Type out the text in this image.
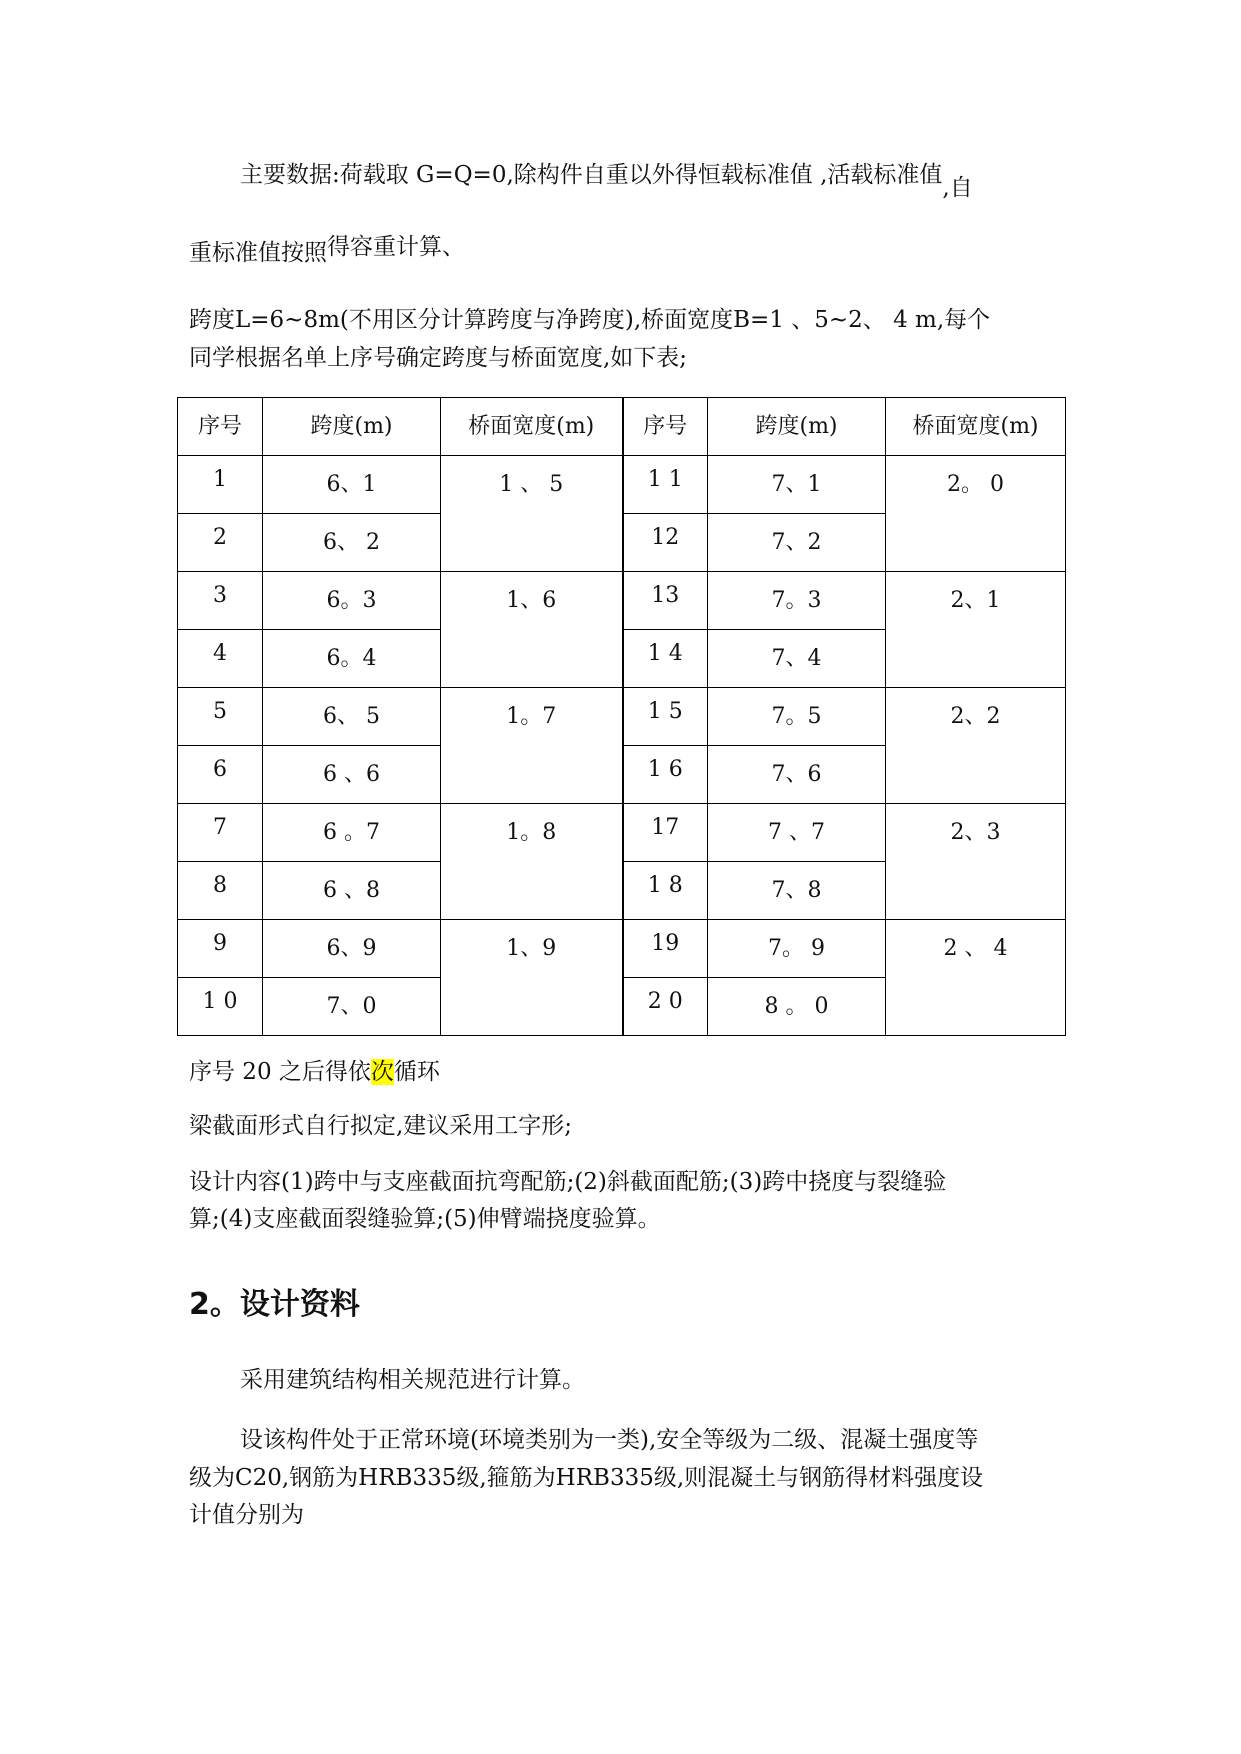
主要数据:荷载取 G=Q=0,除构件自重以外得恒载标准值 ,活载标准值,自
重标准值按照得容重计算、
跨度L=6~8m(不用区分计算跨度与净跨度),桥面宽度B=1 、5~2、 4 m,每个
同学根据名单上序号确定跨度与桥面宽度,如下表;
序号	跨度(m)	桥面宽度(m)	序号	跨度(m)	桥面宽度(m)
1	6、1	1 、 5	1 1	7、1	2。 0
2	6、 2		12	7、2	
3	6。3	1、6	13	7。3	2、1
4	6。4		1 4	7、4	
5	6、 5	1。7	1 5	7。5	2、2
6	6 、6		1 6	7、6	
7	6 。7	1。8	17	7 、7	2、3
8	6 、8		1 8	7、8	
9	6、9	1、9	19	7。 9	2 、 4
1 0	7、0		2 0	8 。 0	
序号 20 之后得依次循环
梁截面形式自行拟定,建议采用工字形;
设计内容(1)跨中与支座截面抗弯配筋;(2)斜截面配筋;(3)跨中挠度与裂缝验
算;(4)支座截面裂缝验算;(5)伸臂端挠度验算。
2。设计资料
采用建筑结构相关规范进行计算。
设该构件处于正常环境(环境类别为一类),安全等级为二级、混凝土强度等
级为C20,钢筋为HRB335级,箍筋为HRB335级,则混凝土与钢筋得材料强度设
计值分别为
